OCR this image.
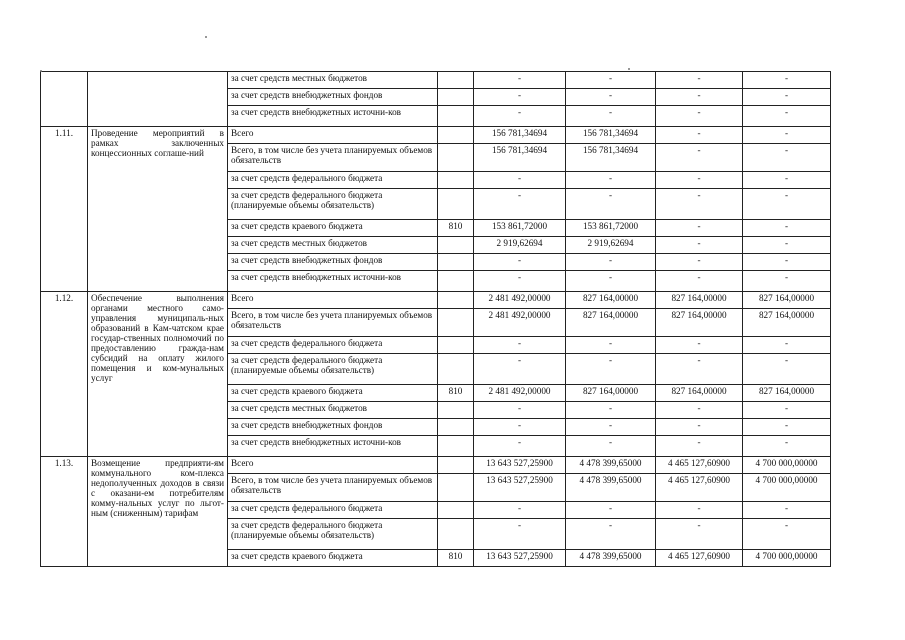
		за счет средств местных бюджетов		-	-	-	-
		за счет средств внебюджетных фондов		-	-	-	-
		за счет средств внебюджетных источни-ков		-	-	-	-
1.11.	Проведение мероприятий в рамках заключенных концессионных соглаше-ний	Всего		156 781,34694	156 781,34694	-	-
		Всего, в том числе без учета планируемых объемов обязательств		156 781,34694	156 781,34694	-	-
		за счет средств федерального бюджета		-	-	-	-
		за счет средств федерального бюджета (планируемые объемы обязательств)		-	-	-	-
		за счет средств краевого бюджета	810	153 861,72000	153 861,72000	-	-
		за счет средств местных бюджетов		2 919,62694	2 919,62694	-	-
		за счет средств внебюджетных фондов		-	-	-	-
		за счет средств внебюджетных источни-ков		-	-	-	-
1.12.	Обеспечение выполнения органами местного само-управления муниципаль-ных образований в Кам-чатском крае государ-ственных полномочий по предоставлению гражда-нам субсидий на оплату жилого помещения и ком-мунальных услуг	Всего		2 481 492,00000	827 164,00000	827 164,00000	827 164,00000
		Всего, в том числе без учета планируемых объемов обязательств		2 481 492,00000	827 164,00000	827 164,00000	827 164,00000
		за счет средств федерального бюджета		-	-	-	-
		за счет средств федерального бюджета (планируемые объемы обязательств)		-	-	-	-
		за счет средств краевого бюджета	810	2 481 492,00000	827 164,00000	827 164,00000	827 164,00000
		за счет средств местных бюджетов		-	-	-	-
		за счет средств внебюджетных фондов		-	-	-	-
		за счет средств внебюджетных источни-ков		-	-	-	-
1.13.	Возмещение предприяти-ям коммунального ком-плекса недополученных доходов в связи с оказани-ем потребителям комму-нальных услуг по льгот-ным (сниженным) тарифам	Всего		13 643 527,25900	4 478 399,65000	4 465 127,60900	4 700 000,00000
		Всего, в том числе без учета планируемых объемов обязательств		13 643 527,25900	4 478 399,65000	4 465 127,60900	4 700 000,00000
		за счет средств федерального бюджета		-	-	-	-
		за счет средств федерального бюджета (планируемые объемы обязательств)		-	-	-	-
		за счет средств краевого бюджета	810	13 643 527,25900	4 478 399,65000	4 465 127,60900	4 700 000,00000
